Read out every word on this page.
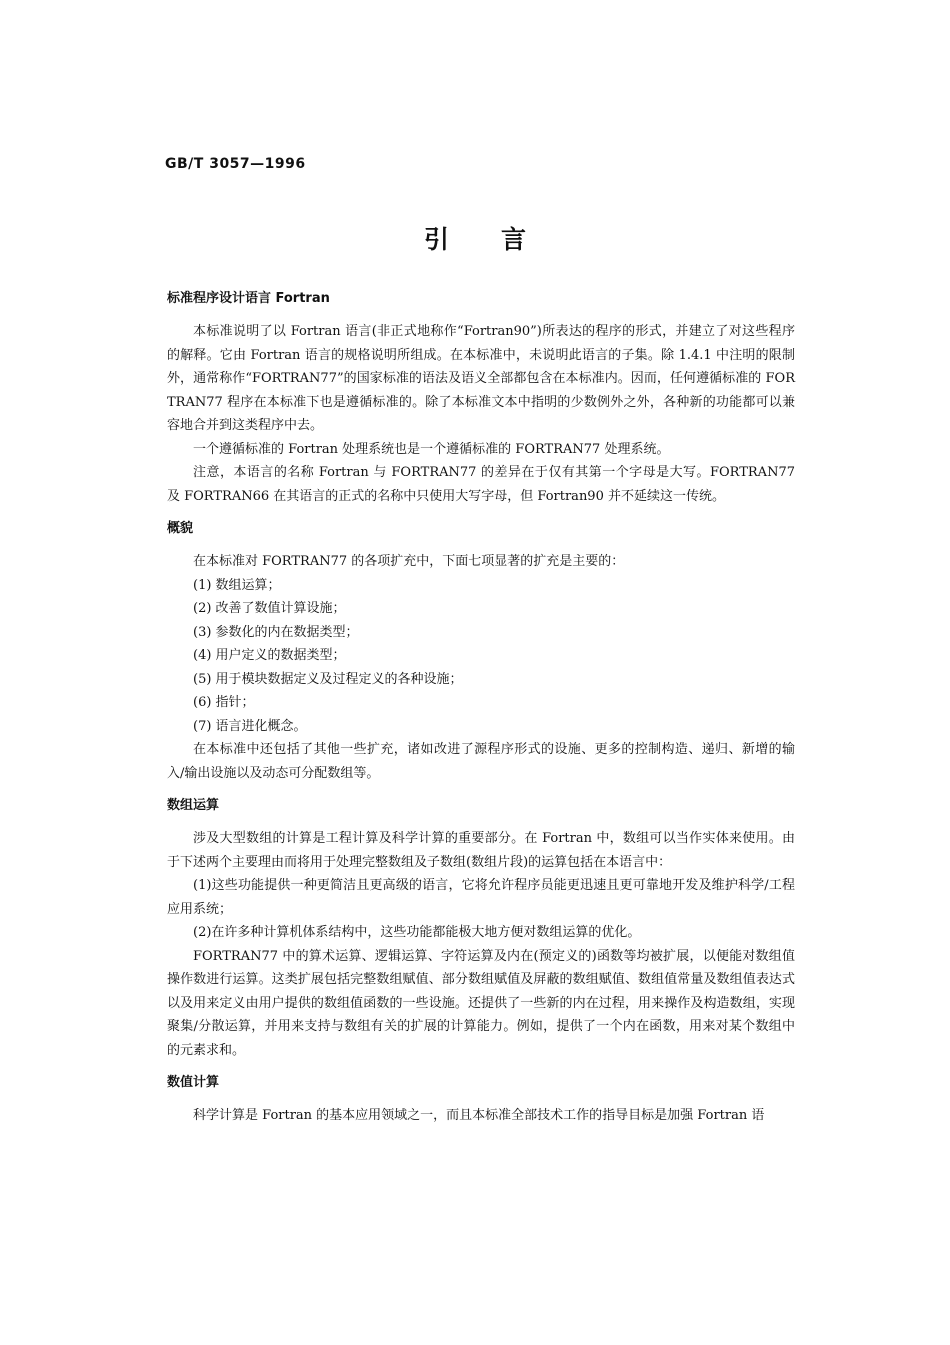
GB/T 3057—1996
引言
标准程序设计语言 Fortran

本标准说明了以 Fortran 语言(非正式地称作“Fortran90”)所表达的程序的形式，并建立了对这些程序的解释。它由 Fortran 语言的规格说明所组成。在本标准中，未说明此语言的子集。除 1.4.1 中注明的限制外，通常称作“FORTRAN77”的国家标准的语法及语义全部都包含在本标准内。因而，任何遵循标准的 FORTRAN77 程序在本标准下也是遵循标准的。除了本标准文本中指明的少数例外之外，各种新的功能都可以兼容地合并到这类程序中去。

一个遵循标准的 Fortran 处理系统也是一个遵循标准的 FORTRAN77 处理系统。

注意，本语言的名称 Fortran 与 FORTRAN77 的差异在于仅有其第一个字母是大写。FORTRAN77 及 FORTRAN66 在其语言的正式的名称中只使用大写字母，但 Fortran90 并不延续这一传统。

概貌

在本标准对 FORTRAN77 的各项扩充中，下面七项显著的扩充是主要的：

(1) 数组运算；

(2) 改善了数值计算设施；

(3) 参数化的内在数据类型；

(4) 用户定义的数据类型；

(5) 用于模块数据定义及过程定义的各种设施；

(6) 指针；

(7) 语言进化概念。

在本标准中还包括了其他一些扩充，诸如改进了源程序形式的设施、更多的控制构造、递归、新增的输入/输出设施以及动态可分配数组等。

数组运算

涉及大型数组的计算是工程计算及科学计算的重要部分。在 Fortran 中，数组可以当作实体来使用。由于下述两个主要理由而将用于处理完整数组及子数组(数组片段)的运算包括在本语言中：

(1)这些功能提供一种更简洁且更高级的语言，它将允许程序员能更迅速且更可靠地开发及维护科学/工程应用系统；

(2)在许多种计算机体系结构中，这些功能都能极大地方便对数组运算的优化。

FORTRAN77 中的算术运算、逻辑运算、字符运算及内在(预定义的)函数等均被扩展，以便能对数组值操作数进行运算。这类扩展包括完整数组赋值、部分数组赋值及屏蔽的数组赋值、数组值常量及数组值表达式以及用来定义由用户提供的数组值函数的一些设施。还提供了一些新的内在过程，用来操作及构造数组，实现聚集/分散运算，并用来支持与数组有关的扩展的计算能力。例如，提供了一个内在函数，用来对某个数组中的元素求和。

数值计算

科学计算是 Fortran 的基本应用领域之一，而且本标准全部技术工作的指导目标是加强 Fortran 语
